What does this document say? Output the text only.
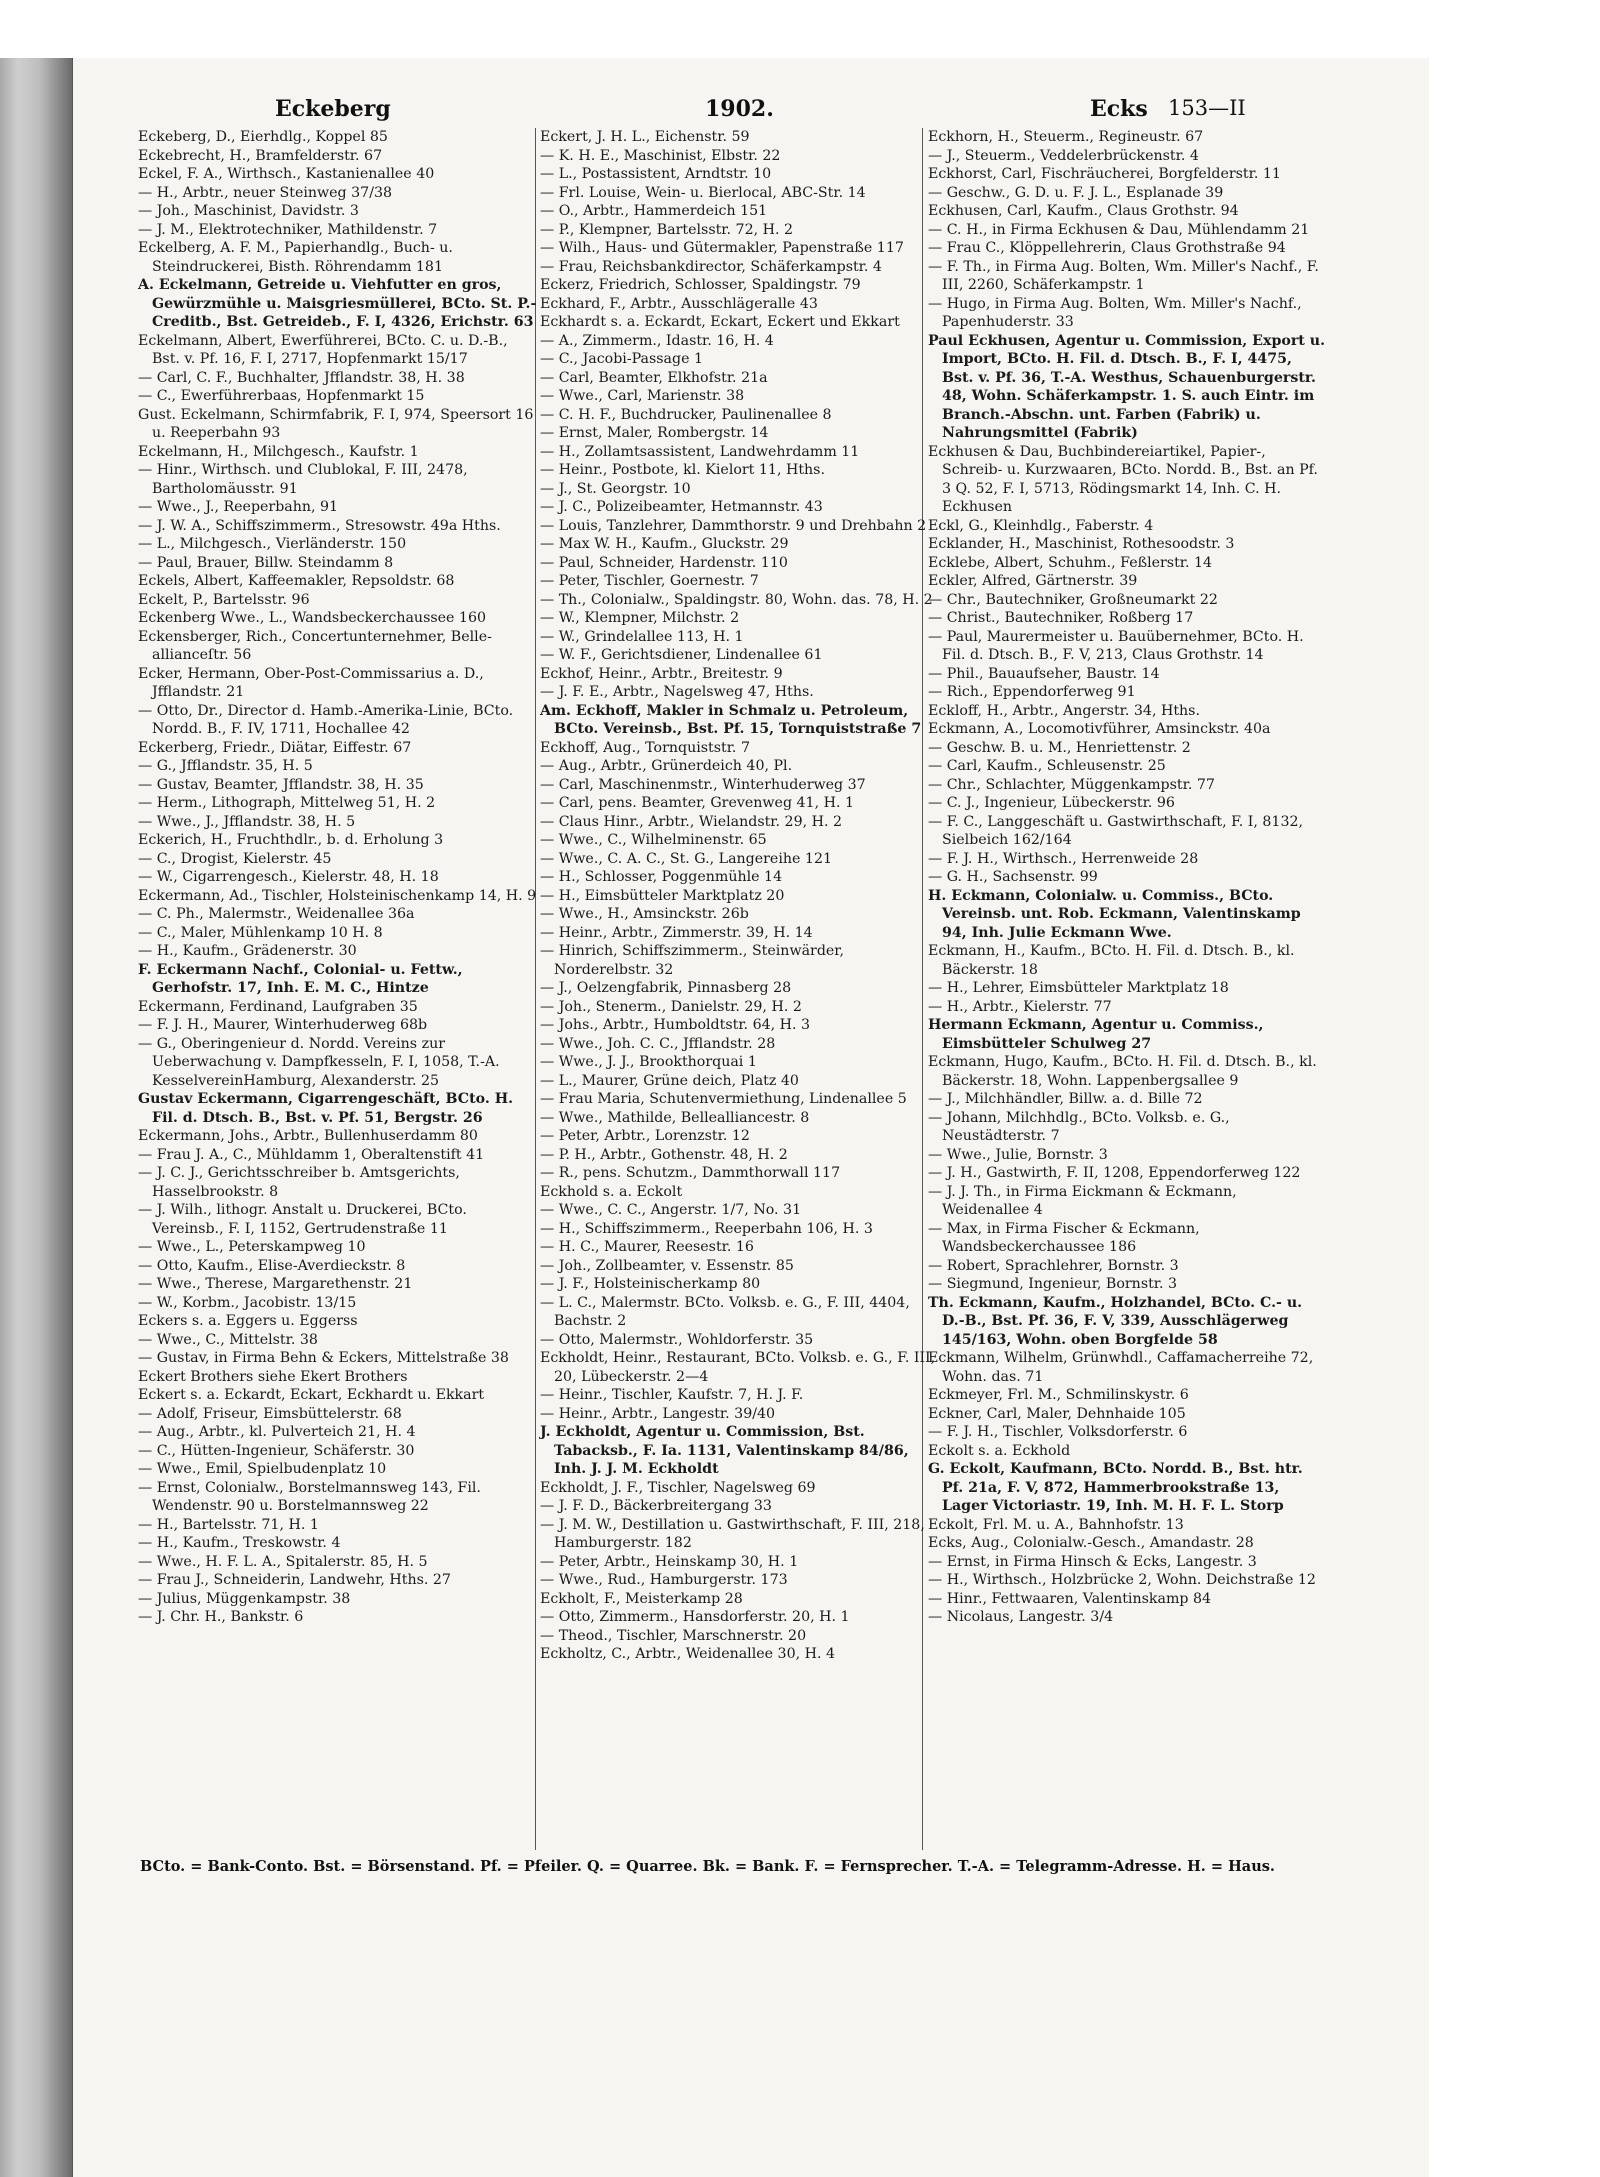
Eckeberg	1902.	Ecks 153—II
Eckeberg, D., Eierhdlg., Koppel 85
Eckebrecht, H., Bramfelderstr. 67
Eckel, F. A., Wirthsch., Kastanienallee 40
— H., Arbtr., neuer Steinweg 37/38
— Joh., Maschinist, Davidstr. 3
— J. M., Elektrotechniker, Mathildenstr. 7
Eckelberg, A. F. M., Papierhandlg., Buch- u. Steindruckerei, Bisth. Röhrendamm 181
A. Eckelmann, Getreide u. Viehfutter en gros, Gewürzmühle u. Maisgriesmüllerei, BCto. St. P.-Creditb., Bst. Getreideb., F. I, 4326, Erichstr. 63
Eckelmann, Albert, Ewerführerei, BCto. C. u. D.-B., Bst. v. Pf. 16, F. I, 2717, Hopfenmarkt 15/17
— Carl, C. F., Buchhalter, Jfflandstr. 38, H. 38
— C., Ewerführerbaas, Hopfenmarkt 15
Gust. Eckelmann, Schirmfabrik, F. I, 974, Speersort 16 u. Reeperbahn 93
Eckelmann, H., Milchgesch., Kaufstr. 1
— Hinr., Wirthsch. und Clublokal, F. III, 2478, Bartholomäusstr. 91
— Wwe., J., Reeperbahn, 91
— J. W. A., Schiffszimmerm., Stresowstr. 49a Hths.
— L., Milchgesch., Vierländerstr. 150
— Paul, Brauer, Billw. Steindamm 8
Eckels, Albert, Kaffeemakler, Repsoldstr. 68
Eckelt, P., Bartelsstr. 96
Eckenberg Wwe., L., Wandsbeckerchaussee 160
Eckensberger, Rich., Concertunternehmer, Belle-allianceſtr. 56
Ecker, Hermann, Ober-Post-Commissarius a. D., Jfflandstr. 21
— Otto, Dr., Director d. Hamb.-Amerika-Linie, BCto. Nordd. B., F. IV, 1711, Hochallee 42
Eckerberg, Friedr., Diätar, Eiffestr. 67
— G., Jfflandstr. 35, H. 5
— Gustav, Beamter, Jfflandstr. 38, H. 35
— Herm., Lithograph, Mittelweg 51, H. 2
— Wwe., J., Jfflandstr. 38, H. 5
Eckerich, H., Fruchthdlr., b. d. Erholung 3
— C., Drogist, Kielerstr. 45
— W., Cigarrengesch., Kielerstr. 48, H. 18
Eckermann, Ad., Tischler, Holsteinischenkamp 14, H. 9
— C. Ph., Malermstr., Weidenallee 36a
— C., Maler, Mühlenkamp 10 H. 8
— H., Kaufm., Grädenerstr. 30
F. Eckermann Nachf., Colonial- u. Fettw., Gerhofstr. 17, Inh. E. M. C., Hintze
Eckermann, Ferdinand, Laufgraben 35
— F. J. H., Maurer, Winterhuderweg 68b
— G., Oberingenieur d. Nordd. Vereins zur Ueberwachung v. Dampfkesseln, F. I, 1058, T.-A. KesselvereinHamburg, Alexanderstr. 25
Gustav Eckermann, Cigarrengeschäft, BCto. H. Fil. d. Dtsch. B., Bst. v. Pf. 51, Bergstr. 26
Eckermann, Johs., Arbtr., Bullenhuserdamm 80
— Frau J. A., C., Mühldamm 1, Oberaltenstift 41
— J. C. J., Gerichtsschreiber b. Amtsgerichts, Hasselbrookstr. 8
— J. Wilh., lithogr. Anstalt u. Druckerei, BCto. Vereinsb., F. I, 1152, Gertrudenstraße 11
— Wwe., L., Peterskampweg 10
— Otto, Kaufm., Elise-Averdieckstr. 8
— Wwe., Therese, Margarethenstr. 21
— W., Korbm., Jacobistr. 13/15
Eckers s. a. Eggers u. Eggerss
— Wwe., C., Mittelstr. 38
— Gustav, in Firma Behn & Eckers, Mittelstraße 38
Eckert Brothers siehe Ekert Brothers
Eckert s. a. Eckardt, Eckart, Eckhardt u. Ekkart
— Adolf, Friseur, Eimsbüttelerstr. 68
— Aug., Arbtr., kl. Pulverteich 21, H. 4
— C., Hütten-Ingenieur, Schäferstr. 30
— Wwe., Emil, Spielbudenplatz 10
— Ernst, Colonialw., Borstelmannsweg 143, Fil. Wendenstr. 90 u. Borstelmannsweg 22
— H., Bartelsstr. 71, H. 1
— H., Kaufm., Treskowstr. 4
— Wwe., H. F. L. A., Spitalerstr. 85, H. 5
— Frau J., Schneiderin, Landwehr, Hths. 27
— Julius, Müggenkampstr. 38
— J. Chr. H., Bankstr. 6
Eckert, J. H. L., Eichenstr. 59
— K. H. E., Maschinist, Elbstr. 22
— L., Postassistent, Arndtstr. 10
— Frl. Louise, Wein- u. Bierlocal, ABC-Str. 14
— O., Arbtr., Hammerdeich 151
— P., Klempner, Bartelsstr. 72, H. 2
— Wilh., Haus- und Gütermakler, Papenstraße 117
— Frau, Reichsbankdirector, Schäferkampstr. 4
Eckerz, Friedrich, Schlosser, Spaldingstr. 79
Eckhard, F., Arbtr., Ausschlägeralle 43
Eckhardt s. a. Eckardt, Eckart, Eckert und Ekkart
— A., Zimmerm., Idastr. 16, H. 4
— C., Jacobi-Passage 1
— Carl, Beamter, Elkhofstr. 21a
— Wwe., Carl, Marienstr. 38
— C. H. F., Buchdrucker, Paulinenallee 8
— Ernst, Maler, Rombergstr. 14
— H., Zollamtsassistent, Landwehrdamm 11
— Heinr., Postbote, kl. Kielort 11, Hths.
— J., St. Georgstr. 10
— J. C., Polizeibeamter, Hetmannstr. 43
— Louis, Tanzlehrer, Dammthorstr. 9 und Drehbahn 2
— Max W. H., Kaufm., Gluckstr. 29
— Paul, Schneider, Hardenstr. 110
— Peter, Tischler, Goernestr. 7
— Th., Colonialw., Spaldingstr. 80, Wohn. das. 78, H. 2
— W., Klempner, Milchstr. 2
— W., Grindelallee 113, H. 1
— W. F., Gerichtsdiener, Lindenallee 61
Eckhof, Heinr., Arbtr., Breitestr. 9
— J. F. E., Arbtr., Nagelsweg 47, Hths.
Am. Eckhoff, Makler in Schmalz u. Petroleum, BCto. Vereinsb., Bst. Pf. 15, Tornquiststraße 7
Eckhoff, Aug., Tornquiststr. 7
— Aug., Arbtr., Grünerdeich 40, Pl.
— Carl, Maschinenmstr., Winterhuderweg 37
— Carl, pens. Beamter, Grevenweg 41, H. 1
— Claus Hinr., Arbtr., Wielandstr. 29, H. 2
— Wwe., C., Wilhelminenstr. 65
— Wwe., C. A. C., St. G., Langereihe 121
— H., Schlosser, Poggenmühle 14
— H., Eimsbütteler Marktplatz 20
— Wwe., H., Amsinckstr. 26b
— Heinr., Arbtr., Zimmerstr. 39, H. 14
— Hinrich, Schiffszimmerm., Steinwärder, Norderelbstr. 32
— J., Oelzengfabrik, Pinnasberg 28
— Joh., Stenerm., Danielstr. 29, H. 2
— Johs., Arbtr., Humboldtstr. 64, H. 3
— Wwe., Joh. C. C., Jfflandstr. 28
— Wwe., J. J., Brookthorquai 1
— L., Maurer, Grüne deich, Platz 40
— Frau Maria, Schutenvermiethung, Lindenallee 5
— Wwe., Mathilde, Bellealliancestr. 8
— Peter, Arbtr., Lorenzstr. 12
— P. H., Arbtr., Gothenstr. 48, H. 2
— R., pens. Schutzm., Dammthorwall 117
Eckhold s. a. Eckolt
— Wwe., C. C., Angerstr. 1/7, No. 31
— H., Schiffszimmerm., Reeperbahn 106, H. 3
— H. C., Maurer, Reesestr. 16
— Joh., Zollbeamter, v. Essenstr. 85
— J. F., Holsteinischerkamp 80
— L. C., Malermstr. BCto. Volksb. e. G., F. III, 4404, Bachstr. 2
— Otto, Malermstr., Wohldorferstr. 35
Eckholdt, Heinr., Restaurant, BCto. Volksb. e. G., F. III, 20, Lübeckerstr. 2—4
— Heinr., Tischler, Kaufstr. 7, H. J. F.
— Heinr., Arbtr., Langestr. 39/40
J. Eckholdt, Agentur u. Commission, Bst. Tabacksb., F. Ia. 1131, Valentinskamp 84/86, Inh. J. J. M. Eckholdt
Eckholdt, J. F., Tischler, Nagelsweg 69
— J. F. D., Bäckerbreitergang 33
— J. M. W., Destillation u. Gastwirthschaft, F. III, 218, Hamburgerstr. 182
— Peter, Arbtr., Heinskamp 30, H. 1
— Wwe., Rud., Hamburgerstr. 173
Eckholt, F., Meisterkamp 28
— Otto, Zimmerm., Hansdorferstr. 20, H. 1
— Theod., Tischler, Marschnerstr. 20
Eckholtz, C., Arbtr., Weidenallee 30, H. 4
Eckhorn, H., Steuerm., Regineustr. 67
— J., Steuerm., Veddelerbrückenstr. 4
Eckhorst, Carl, Fischräucherei, Borgfelderstr. 11
— Geschw., G. D. u. F. J. L., Esplanade 39
Eckhusen, Carl, Kaufm., Claus Grothstr. 94
— C. H., in Firma Eckhusen & Dau, Mühlendamm 21
— Frau C., Klöppellehrerin, Claus Grothstraße 94
— F. Th., in Firma Aug. Bolten, Wm. Miller's Nachf., F. III, 2260, Schäferkampstr. 1
— Hugo, in Firma Aug. Bolten, Wm. Miller's Nachf., Papenhuderstr. 33
Paul Eckhusen, Agentur u. Commission, Export u. Import, BCto. H. Fil. d. Dtsch. B., F. I, 4475, Bst. v. Pf. 36, T.-A. Westhus, Schauenburgerstr. 48, Wohn. Schäferkampstr. 1. S. auch Eintr. im Branch.-Abschn. unt. Farben (Fabrik) u. Nahrungsmittel (Fabrik)
Eckhusen & Dau, Buchbindereiartikel, Papier-, Schreib- u. Kurzwaaren, BCto. Nordd. B., Bst. an Pf. 3 Q. 52, F. I, 5713, Rödingsmarkt 14, Inh. C. H. Eckhusen
Eckl, G., Kleinhdlg., Faberstr. 4
Ecklander, H., Maschinist, Rothesoodstr. 3
Ecklebe, Albert, Schuhm., Feßlerstr. 14
Eckler, Alfred, Gärtnerstr. 39
— Chr., Bautechniker, Großneumarkt 22
— Christ., Bautechniker, Roßberg 17
— Paul, Maurermeister u. Bauübernehmer, BCto. H. Fil. d. Dtsch. B., F. V, 213, Claus Grothstr. 14
— Phil., Bauaufseher, Baustr. 14
— Rich., Eppendorferweg 91
Eckloff, H., Arbtr., Angerstr. 34, Hths.
Eckmann, A., Locomotivführer, Amsinckstr. 40a
— Geschw. B. u. M., Henriettenstr. 2
— Carl, Kaufm., Schleusenstr. 25
— Chr., Schlachter, Müggenkampstr. 77
— C. J., Ingenieur, Lübeckerstr. 96
— F. C., Langgeschäft u. Gastwirthschaft, F. I, 8132, Sielbeich 162/164
— F. J. H., Wirthsch., Herrenweide 28
— G. H., Sachsenstr. 99
H. Eckmann, Colonialw. u. Commiss., BCto. Vereinsb. unt. Rob. Eckmann, Valentinskamp 94, Inh. Julie Eckmann Wwe.
Eckmann, H., Kaufm., BCto. H. Fil. d. Dtsch. B., kl. Bäckerstr. 18
— H., Lehrer, Eimsbütteler Marktplatz 18
— H., Arbtr., Kielerstr. 77
Hermann Eckmann, Agentur u. Commiss., Eimsbütteler Schulweg 27
Eckmann, Hugo, Kaufm., BCto. H. Fil. d. Dtsch. B., kl. Bäckerstr. 18, Wohn. Lappenbergsallee 9
— J., Milchhändler, Billw. a. d. Bille 72
— Johann, Milchhdlg., BCto. Volksb. e. G., Neustädterstr. 7
— Wwe., Julie, Bornstr. 3
— J. H., Gastwirth, F. II, 1208, Eppendorferweg 122
— J. J. Th., in Firma Eickmann & Eckmann, Weidenallee 4
— Max, in Firma Fischer & Eckmann, Wandsbeckerchaussee 186
— Robert, Sprachlehrer, Bornstr. 3
— Siegmund, Ingenieur, Bornstr. 3
Th. Eckmann, Kaufm., Holzhandel, BCto. C.- u. D.-B., Bst. Pf. 36, F. V, 339, Ausschlägerweg 145/163, Wohn. oben Borgfelde 58
Eckmann, Wilhelm, Grünwhdl., Caffamacherreihe 72, Wohn. das. 71
Eckmeyer, Frl. M., Schmilinskystr. 6
Eckner, Carl, Maler, Dehnhaide 105
— F. J. H., Tischler, Volksdorferstr. 6
Eckolt s. a. Eckhold
G. Eckolt, Kaufmann, BCto. Nordd. B., Bst. htr. Pf. 21a, F. V, 872, Hammerbrookstraße 13, Lager Victoriastr. 19, Inh. M. H. F. L. Storp
Eckolt, Frl. M. u. A., Bahnhofstr. 13
Ecks, Aug., Colonialw.-Gesch., Amandastr. 28
— Ernst, in Firma Hinsch & Ecks, Langestr. 3
— H., Wirthsch., Holzbrücke 2, Wohn. Deichstraße 12
— Hinr., Fettwaaren, Valentinskamp 84
— Nicolaus, Langestr. 3/4
BCto. = Bank-Conto. Bst. = Börsenstand. Pf. = Pfeiler. Q. = Quarree. Bk. = Bank. F. = Fernsprecher. T.-A. = Telegramm-Adresse. H. = Haus.
